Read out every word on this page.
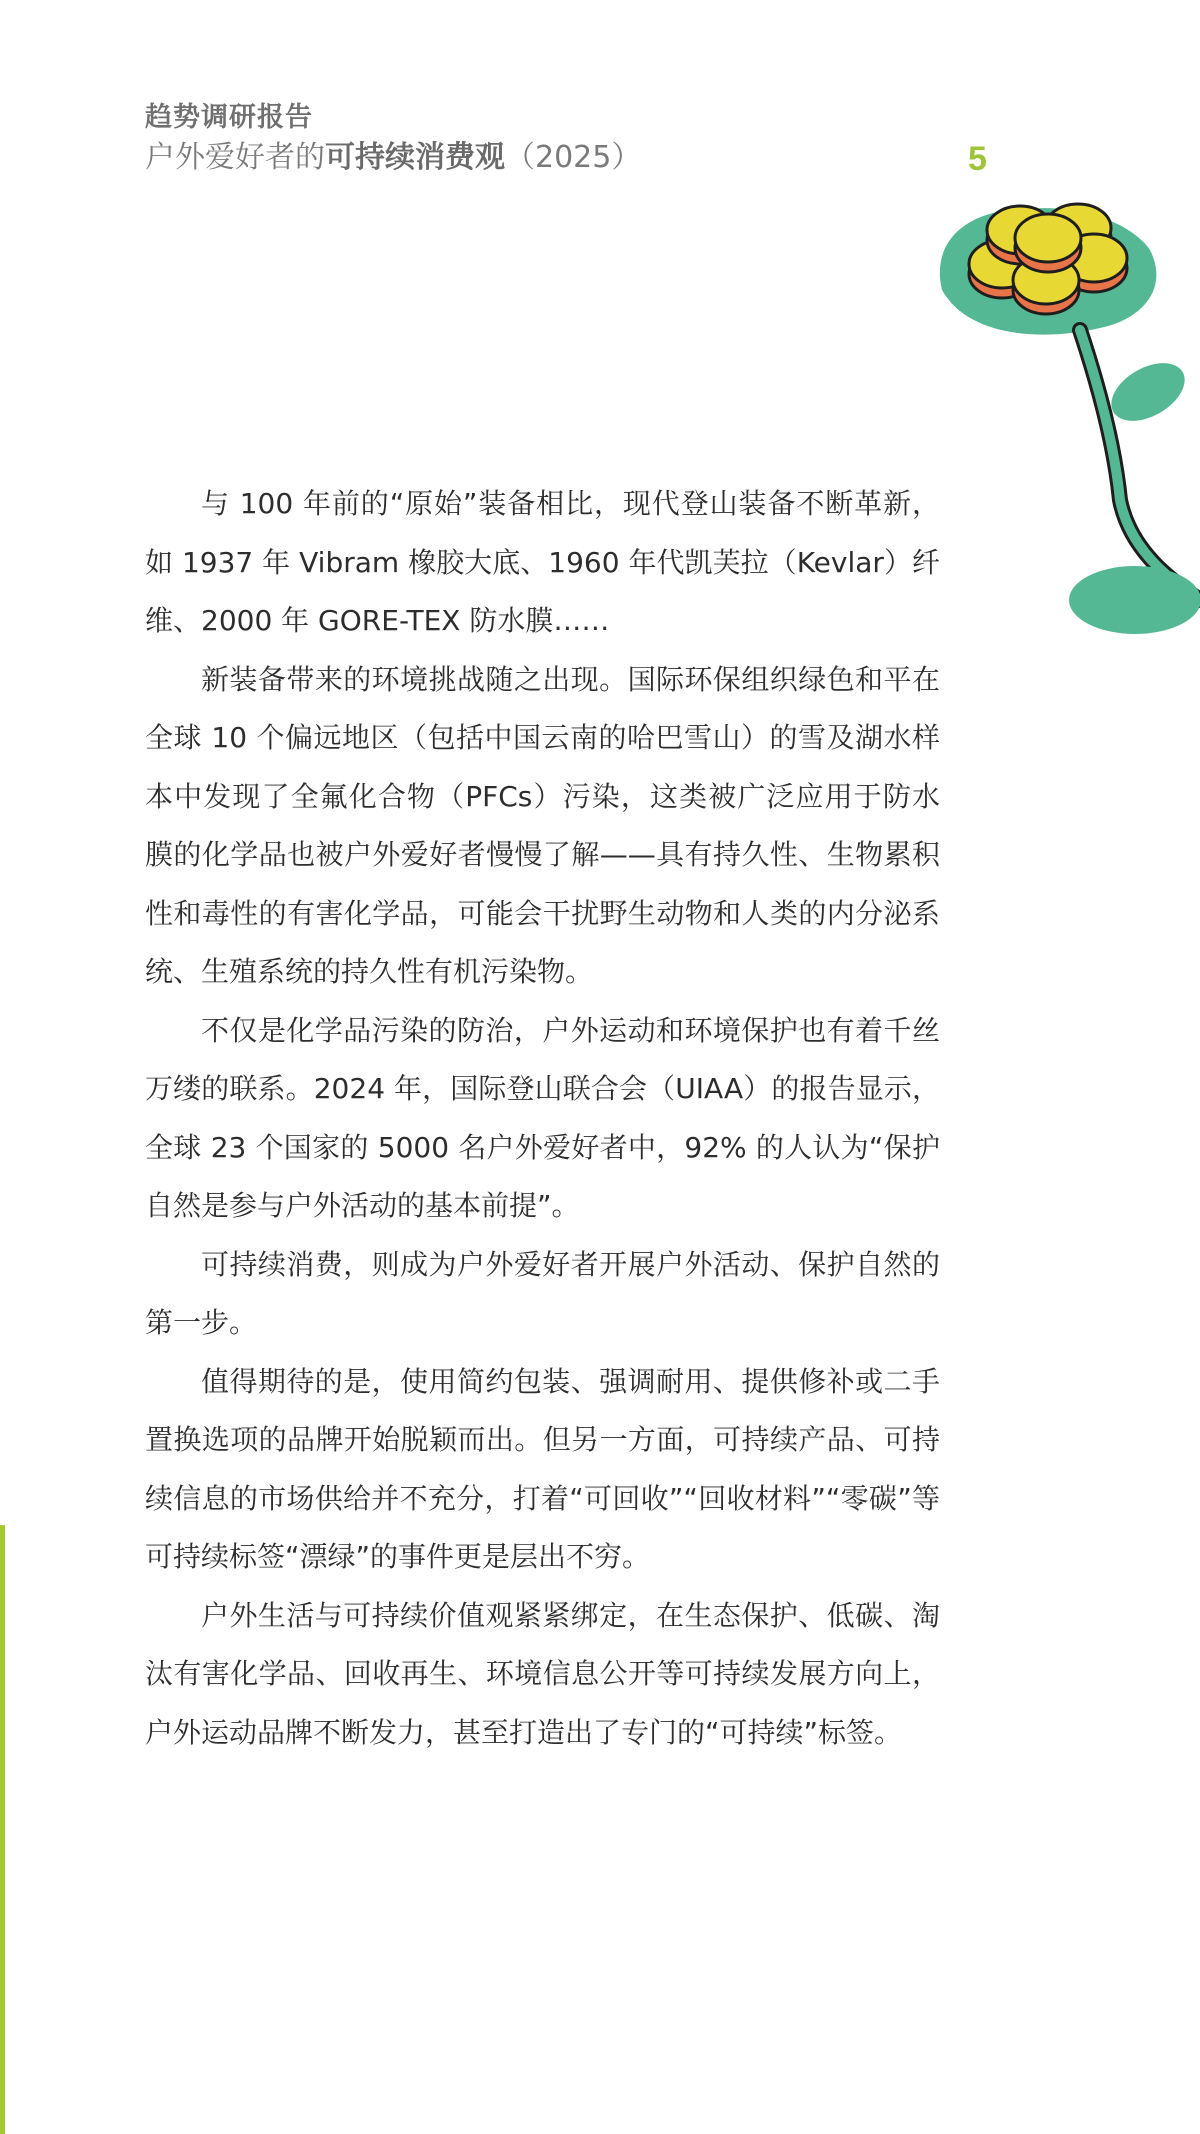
趋势调研报告
户外爱好者的可持续消费观（2025）	5

与 100 年前的“原始”装备相比，现代登山装备不断革新，如 1937 年 Vibram 橡胶大底、1960 年代凯芙拉（Kevlar）纤维、2000 年 GORE-TEX 防水膜……

新装备带来的环境挑战随之出现。国际环保组织绿色和平在全球 10 个偏远地区（包括中国云南的哈巴雪山）的雪及湖水样本中发现了全氟化合物（PFCs）污染，这类被广泛应用于防水膜的化学品也被户外爱好者慢慢了解——具有持久性、生物累积性和毒性的有害化学品，可能会干扰野生动物和人类的内分泌系统、生殖系统的持久性有机污染物。

不仅是化学品污染的防治，户外运动和环境保护也有着千丝万缕的联系。2024 年，国际登山联合会（UIAA）的报告显示，全球 23 个国家的 5000 名户外爱好者中，92% 的人认为“保护自然是参与户外活动的基本前提”。

可持续消费，则成为户外爱好者开展户外活动、保护自然的第一步。

值得期待的是，使用简约包装、强调耐用、提供修补或二手置换选项的品牌开始脱颖而出。但另一方面，可持续产品、可持续信息的市场供给并不充分，打着“可回收”“回收材料”“零碳”等可持续标签“漂绿”的事件更是层出不穷。

户外生活与可持续价值观紧紧绑定，在生态保护、低碳、淘汰有害化学品、回收再生、环境信息公开等可持续发展方向上，户外运动品牌不断发力，甚至打造出了专门的“可持续”标签。
